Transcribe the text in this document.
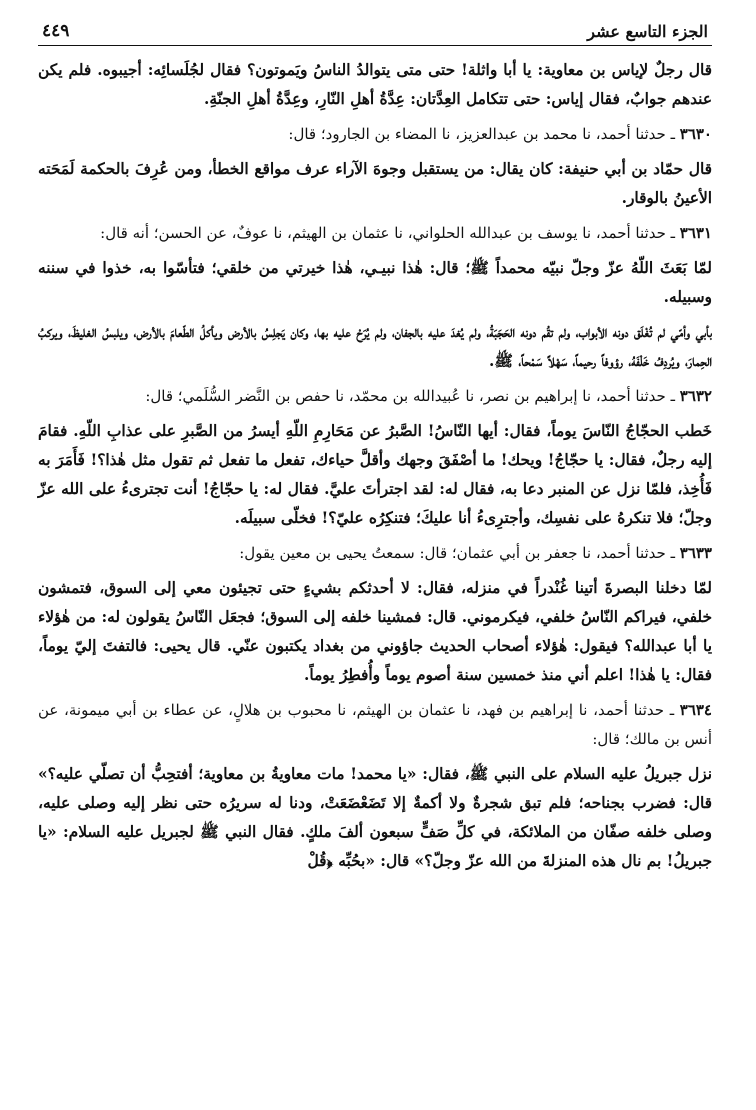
الجزء التاسع عشر
٤٤٩

قال رجلٌ لإياس بن معاوية: يا أبا واثلة! حتى متى يتوالدُ الناسُ ويَموتون؟ فقال لجُلَسائِه: أجيبوه. فلم يكن عندهم جوابٌ، فقال إياس: حتى تتكامل العِدَّتان: عِدَّةُ أهلِ النّارِ، وعِدَّةُ أهلِ الجنّةِ.

٣٦٣٠ ـ حدثنا أحمد، نا محمد بن عبدالعزيز، نا المضاء بن الجارود؛ قال:

قال حمّاد بن أبي حنيفة: كان يقال: من يستقبل وجوهَ الآراء عرف مواقع الخطأ، ومن عُرِفَ بالحكمة لَمَحَته الأعينُ بالوقار.

٣٦٣١ ـ حدثنا أحمد، نا يوسف بن عبدالله الحلواني، نا عثمان بن الهيثم، نا عوفٌ، عن الحسن؛ أنه قال:

لمّا بَعَثَ اللّهُ عزّ وجلّ نبيّه محمداً ﷺ؛ قال: هٰذا نبيـي، هٰذا خيرتي من خلقي؛ فتأسّوا به، خذوا في سننه وسبيله.

بأبي وأمّي لم تُغْلَق دونه الأبواب، ولم تقُم دونه الحَجَبَةُ، ولم يُغدَ عليه بالجفان، ولم يُرَحْ عليه بها، وكان يَجلِسُ بالأرض ويأكلُ الطّعامَ بالأرض، ويلبسُ الغليظَ، ويركبُ الحِمارَ، ويُردِفُ خَلْفَهُ، رؤوفاً رحيماً، سَهْلاً سَمْحاً، ﷺ.

٣٦٣٢ ـ حدثنا أحمد، نا إبراهيم بن نصر، نا عُبيدالله بن محمّد، نا حفص بن النَّضر السُّلَمي؛ قال:

خَطب الحجّاجُ النّاسَ يوماً، فقال: أيها النّاسُ! الصَّبرُ عن مَحَارِمِ اللّهِ أيسرُ من الصَّبرِ على عذابِ اللّهِ. فقامَ إليه رجلٌ، فقال: يا حجّاجُ! ويحك! ما أصْفَقَ وجهك وأقلَّ حياءك، تفعل ما تفعل ثم تقول مثل هٰذا؟! فَأَمَرَ به فَأُخِذ، فلمّا نزل عن المنبر دعا به، فقال له: لقد اجترأتَ عليَّ. فقال له: يا حجّاجُ! أنت تجترىءُ على الله عزّ وجلّ؛ فلا تنكرهُ على نفسِك، وأجترِىءُ أنا عليكَ؛ فتنكِرُه عليّ؟! فخلّى سبيلَه.

٣٦٣٣ ـ حدثنا أحمد، نا جعفر بن أبي عثمان؛ قال: سمعتُ يحيى بن معين يقول:

لمّا دخلنا البصرةَ أتينا غُنْدراً في منزله، فقال: لا أحدثكم بشيءٍ حتى تجيئون معي إلى السوق، فتمشون خلفي، فيراكم النّاسُ خلفي، فيكرموني. قال: فمشينا خلفه إلى السوق؛ فجعَل النّاسُ يقولون له: من هٰؤلاء يا أبا عبدالله؟ فيقول: هٰؤلاء أصحاب الحديث جاؤوني من بغداد يكتبون عنّي. قال يحيى: فالتفتَ إليّ يوماً، فقال: يا هٰذا! اعلم أني منذ خمسين سنة أصوم يوماً وأُفطِرُ يوماً.

٣٦٣٤ ـ حدثنا أحمد، نا إبراهيم بن فهد، نا عثمان بن الهيثم، نا محبوب بن هلالٍ، عن عطاء بن أبي ميمونة، عن أنس بن مالك؛ قال:

نزل جبريلُ عليه السلام على النبي ﷺ، فقال: «يا محمد! مات معاويةُ بن معاوية؛ أفتحِبُّ أن تصلّي عليه؟» قال: فضرب بجناحه؛ فلم تبق شجرةٌ ولا أكمةٌ إلا تَضَعْضَعَتْ، ودنا له سريرُه حتى نظر إليه وصلى عليه، وصلى خلفه صفّان من الملائكة، في كلِّ صَفٍّ سبعون ألفَ ملكٍ. فقال النبي ﷺ لجبريل عليه السلام: «يا جبريلُ! بم نال هذه المنزلةَ من الله عزّ وجلّ؟» قال: «بحُبِّه ﴿قُلْ
